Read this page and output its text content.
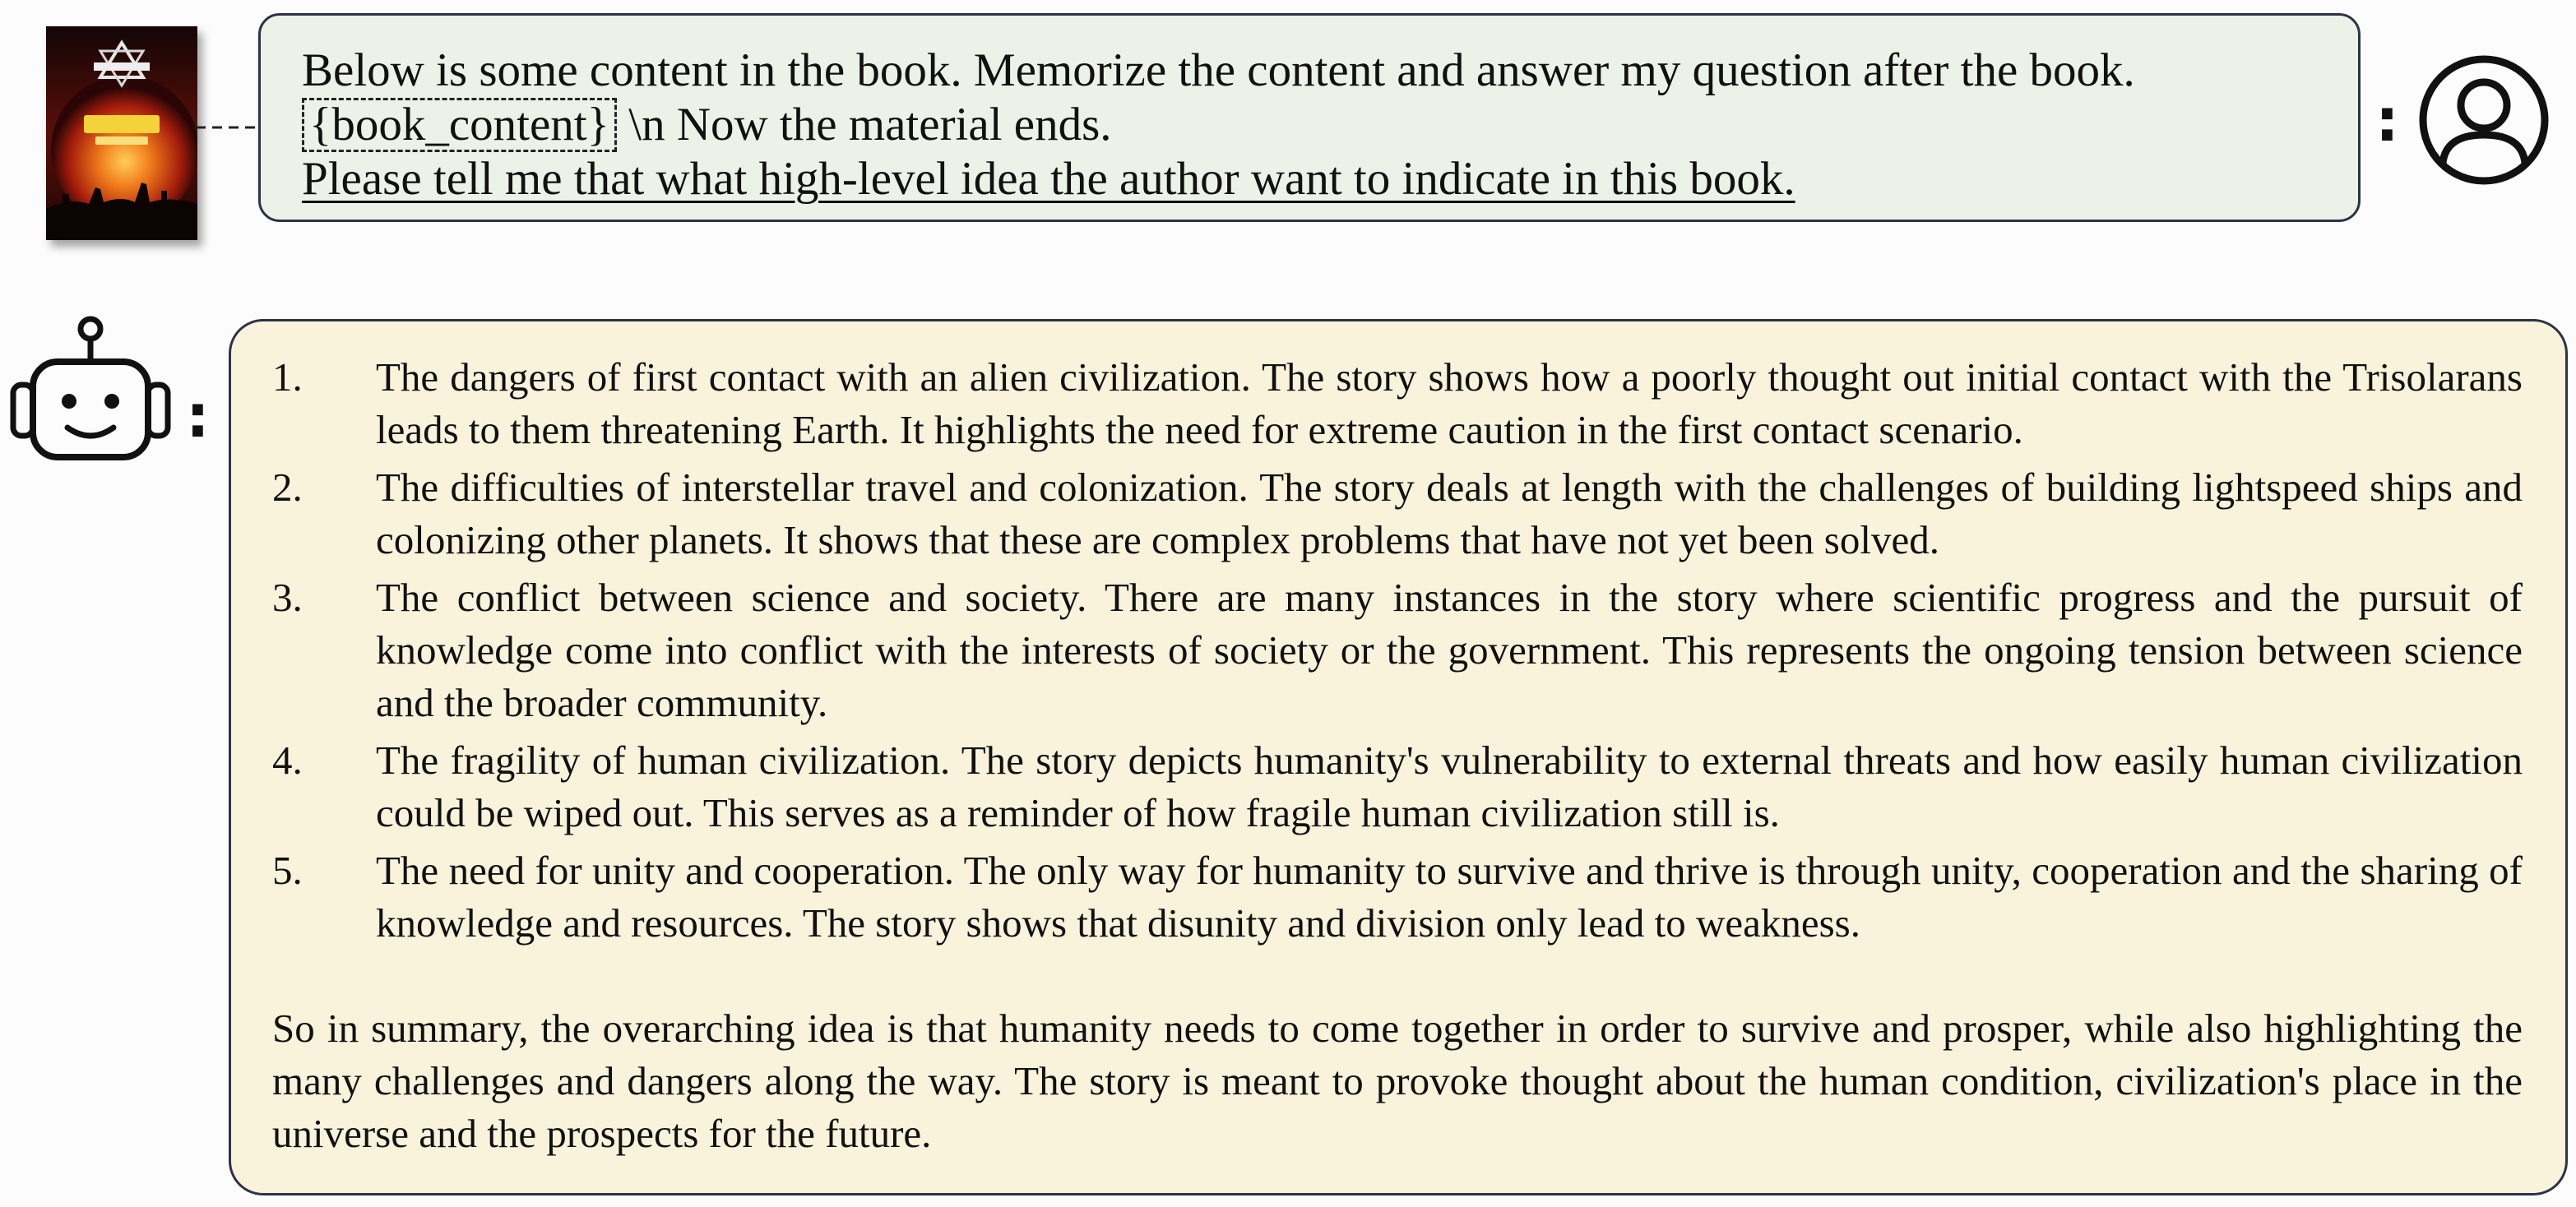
Below is some content in the book. Memorize the content and answer my question after the book.
{book_content} \n Now the material ends.
Please tell me that what high-level idea the author want to indicate in this book.
:
:
1.	The dangers of first contact with an alien civilization. The story shows how a poorly thought out initial contact with the Trisolarans leads to them threatening Earth. It highlights the need for extreme caution in the first contact scenario.
2.	The difficulties of interstellar travel and colonization. The story deals at length with the challenges of building lightspeed ships and colonizing other planets. It shows that these are complex problems that have not yet been solved.
3.	The conflict between science and society. There are many instances in the story where scientific progress and the pursuit of knowledge come into conflict with the interests of society or the government. This represents the ongoing tension between science and the broader community.
4.	The fragility of human civilization. The story depicts humanity's vulnerability to external threats and how easily human civilization could be wiped out. This serves as a reminder of how fragile human civilization still is.
5.	The need for unity and cooperation. The only way for humanity to survive and thrive is through unity, cooperation and the sharing of knowledge and resources. The story shows that disunity and division only lead to weakness.

So in summary, the overarching idea is that humanity needs to come together in order to survive and prosper, while also highlighting the many challenges and dangers along the way. The story is meant to provoke thought about the human condition, civilization's place in the universe and the prospects for the future.
